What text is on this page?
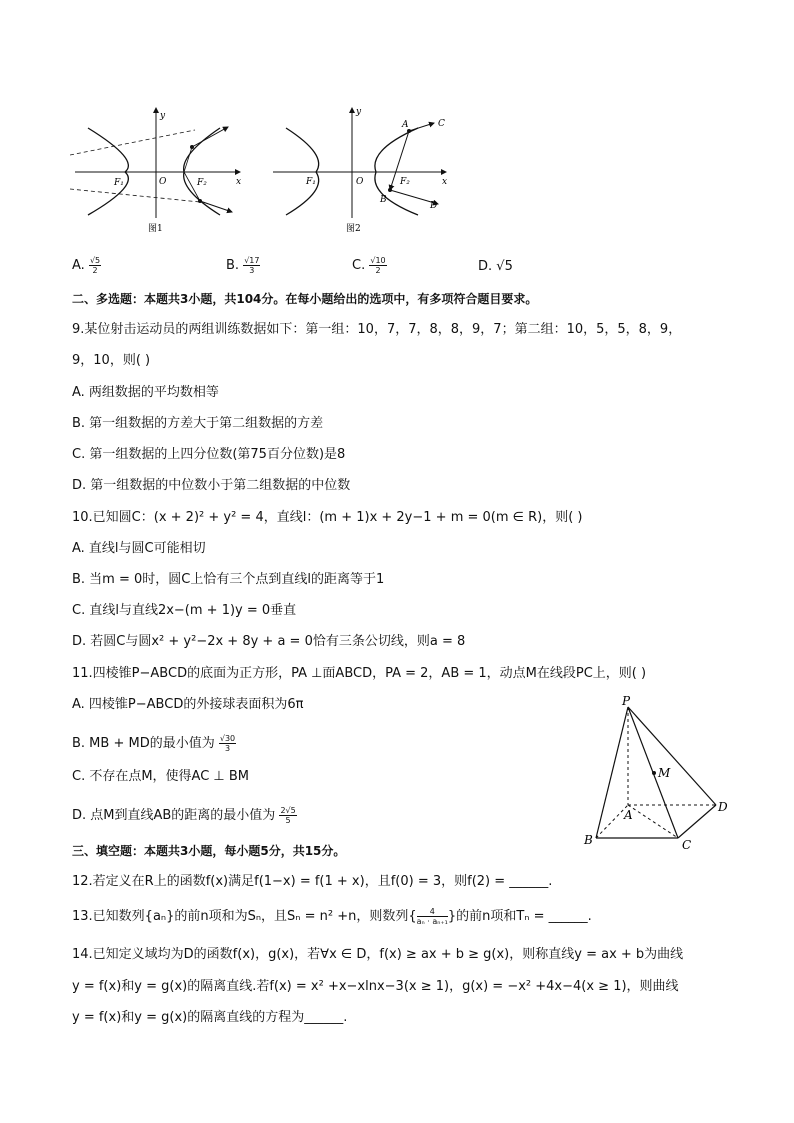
y
x
O
F₁	F₂
图1
y
x
O
F₁	F₂
A
B
C
D
图2
A. $\frac{√5}{2}$	B. $\frac{√17}{3}$	C. $\frac{√10}{2}$	D. √5
二、多选题：本题共3小题，共104分。在每小题给出的选项中，有多项符合题目要求。
9.某位射击运动员的两组训练数据如下：第一组：10，7，7，8，8，9，7；第二组：10，5，5，8，9，
9，10，则( )
A. 两组数据的平均数相等
B. 第一组数据的方差大于第二组数据的方差
C. 第一组数据的上四分位数(第75百分位数)是8
D. 第一组数据的中位数小于第二组数据的中位数
10.已知圆C：(x + 2)² + y² = 4，直线l：(m + 1)x + 2y−1 + m = 0(m ∈ R)，则( )
A. 直线l与圆C可能相切
B. 当m = 0时，圆C上恰有三个点到直线l的距离等于1
C. 直线l与直线2x−(m + 1)y = 0垂直
D. 若圆C与圆x² + y²−2x + 8y + a = 0恰有三条公切线，则a = 8
11.四棱锥P−ABCD的底面为正方形，PA ⊥面ABCD，PA = 2，AB = 1，动点M在线段PC上，则( )
A. 四棱锥P−ABCD的外接球表面积为6π
B. MB + MD的最小值为 $\frac{√30}{3}$
C. 不存在点M，使得AC ⊥ BM
D. 点M到直线AB的距离的最小值为 $\frac{2√5}{5}$
P
M
A
B	C
D
三、填空题：本题共3小题，每小题5分，共15分。
12.若定义在R上的函数f(x)满足f(1−x) = f(1 + x)，且f(0) = 3，则f(2) = ______.
13.已知数列{aₙ}的前n项和为Sₙ，且Sₙ = n² +n，则数列{ $\frac{4}{\text{aₙ · aₙ₊₁}}$ }的前n项和Tₙ = ______.
14.已知定义域均为D的函数f(x)，g(x)，若∀x ∈ D，f(x) ≥ ax + b ≥ g(x)，则称直线y = ax + b为曲线
y = f(x)和y = g(x)的隔离直线.若f(x) = x² +x−xlnx−3(x ≥ 1)，g(x) = −x² +4x−4(x ≥ 1)，则曲线
y = f(x)和y = g(x)的隔离直线的方程为______.
